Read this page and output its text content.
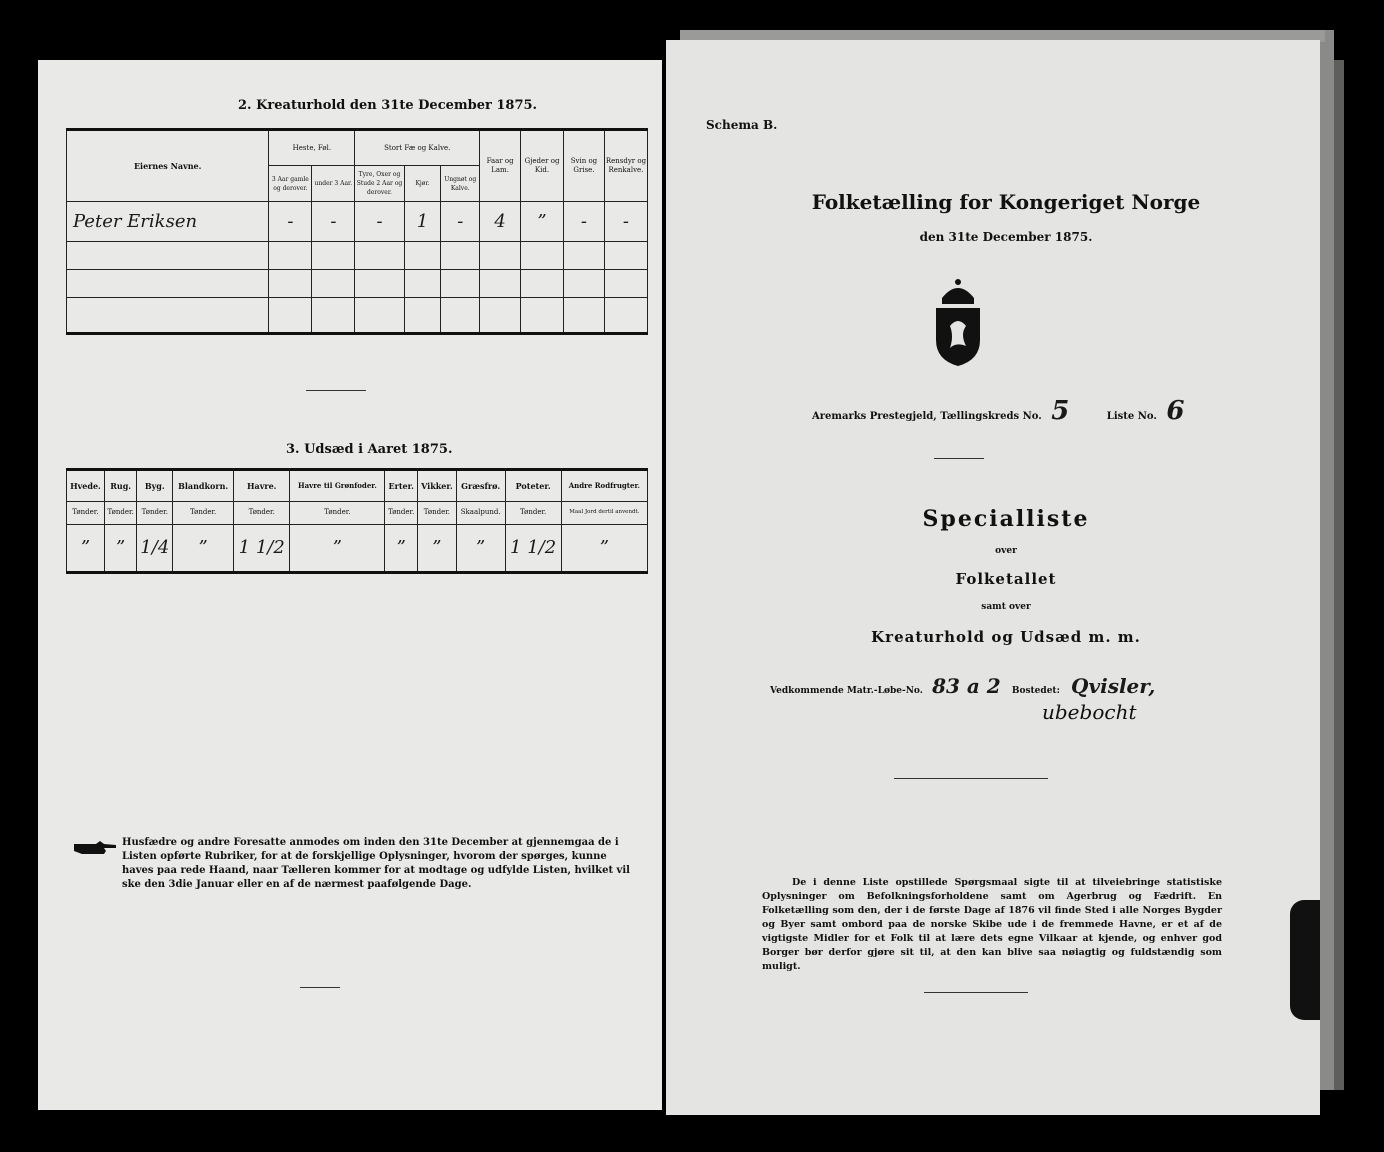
2. Kreaturhold den 31te December 1875.
Eiernes Navne.	Heste, Føl.		Stort Fæ og Kalve.			Faar og Lam.	Gjeder og Kid.	Svin og Grise.	Rensdyr og Renkalve.
	3 Aar gamle og derover.	under 3 Aar.	Tyre, Oxer og Stude 2 Aar og derover.	Kjør.	Ungnøt og Kalve.				
Peter Eriksen	-	-	-	1	-	4	”	-	-

3. Udsæd i Aaret 1875.
Hvede.	Rug.	Byg.	Blandkorn.	Havre.	Havre til Grønfoder.	Erter.	Vikker.	Græsfrø.	Poteter.	Andre Rodfrugter.
Tønder.	Tønder.	Tønder.	Tønder.	Tønder.	Tønder.	Tønder.	Tønder.	Skaalpund.	Tønder.	Maal Jord dertil anvendt.
”	”	1/4	”	1 1/2	”	”	”	”	1 1/2	”
Husfædre og andre Foresatte anmodes om inden den 31te December at gjennemgaa de i Listen opførte Rubriker, for at de forskjellige Oplysninger, hvorom der spørges, kunne haves paa rede Haand, naar Tælleren kommer for at modtage og udfylde Listen, hvilket vil ske den 3die Januar eller en af de nærmest paafølgende Dage.
Schema B.
Folketælling for Kongeriget Norge
den 31te December 1875.
Aremarks Prestegjeld, Tællingskreds No. 5	Liste No. 6
Specialliste
over
Folketallet
samt over
Kreaturhold og Udsæd m. m.
Vedkommende Matr.-Løbe-No. 83 a 2 Bostedet: Qvisler,
ubebocht
De i denne Liste opstillede Spørgsmaal sigte til at tilveiebringe statistiske Oplysninger om Befolkningsforholdene samt om Agerbrug og Fædrift. En Folketælling som den, der i de første Dage af 1876 vil finde Sted i alle Norges Bygder og Byer samt ombord paa de norske Skibe ude i de fremmede Havne, er et af de vigtigste Midler for et Folk til at lære dets egne Vilkaar at kjende, og enhver god Borger bør derfor gjøre sit til, at den kan blive saa nøiagtig og fuldstændig som muligt.
